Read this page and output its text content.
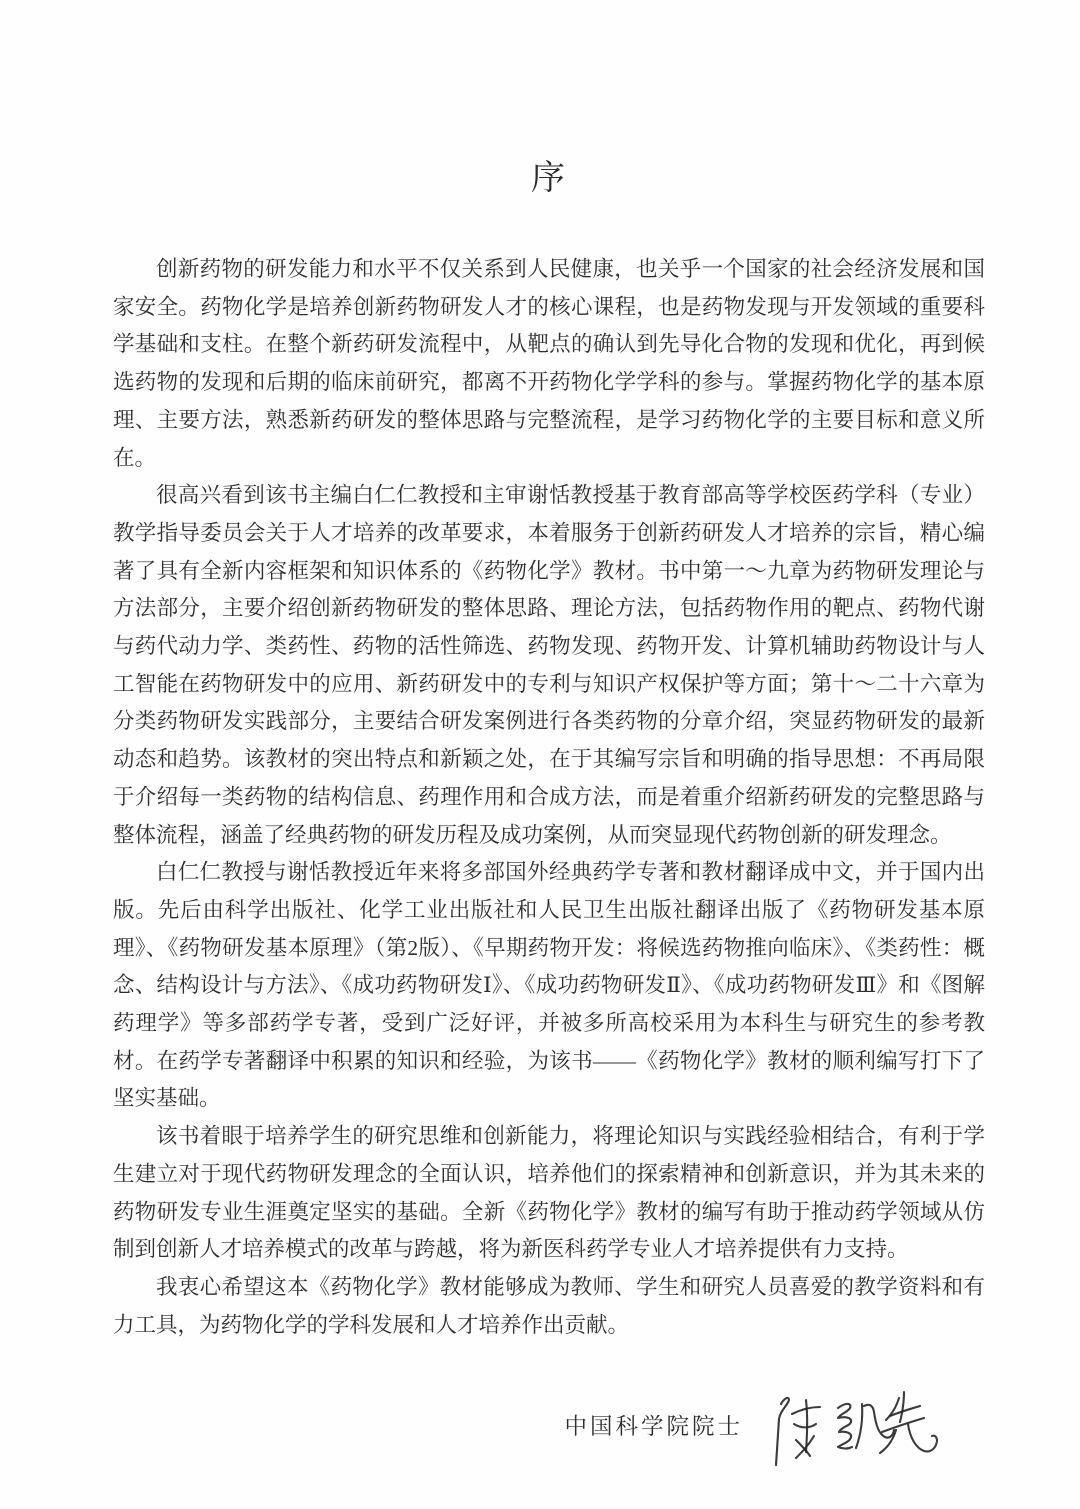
序

创新药物的研发能力和水平不仅关系到人民健康，也关乎一个国家的社会经济发展和国家安全。药物化学是培养创新药物研发人才的核心课程，也是药物发现与开发领域的重要科学基础和支柱。在整个新药研发流程中，从靶点的确认到先导化合物的发现和优化，再到候选药物的发现和后期的临床前研究，都离不开药物化学学科的参与。掌握药物化学的基本原理、主要方法，熟悉新药研发的整体思路与完整流程，是学习药物化学的主要目标和意义所在。

很高兴看到该书主编白仁仁教授和主审谢恬教授基于教育部高等学校医药学科（专业）教学指导委员会关于人才培养的改革要求，本着服务于创新药研发人才培养的宗旨，精心编著了具有全新内容框架和知识体系的《药物化学》教材。书中第一～九章为药物研发理论与方法部分，主要介绍创新药物研发的整体思路、理论方法，包括药物作用的靶点、药物代谢与药代动力学、类药性、药物的活性筛选、药物发现、药物开发、计算机辅助药物设计与人工智能在药物研发中的应用、新药研发中的专利与知识产权保护等方面；第十～二十六章为分类药物研发实践部分，主要结合研发案例进行各类药物的分章介绍，突显药物研发的最新动态和趋势。该教材的突出特点和新颖之处，在于其编写宗旨和明确的指导思想：不再局限于介绍每一类药物的结构信息、药理作用和合成方法，而是着重介绍新药研发的完整思路与整体流程，涵盖了经典药物的研发历程及成功案例，从而突显现代药物创新的研发理念。

白仁仁教授与谢恬教授近年来将多部国外经典药学专著和教材翻译成中文，并于国内出版。先后由科学出版社、化学工业出版社和人民卫生出版社翻译出版了《药物研发基本原理》、《药物研发基本原理》（第2版）、《早期药物开发：将候选药物推向临床》、《类药性：概念、结构设计与方法》、《成功药物研发Ⅰ》、《成功药物研发Ⅱ》、《成功药物研发Ⅲ》和《图解药理学》等多部药学专著，受到广泛好评，并被多所高校采用为本科生与研究生的参考教材。在药学专著翻译中积累的知识和经验，为该书——《药物化学》教材的顺利编写打下了坚实基础。

该书着眼于培养学生的研究思维和创新能力，将理论知识与实践经验相结合，有利于学生建立对于现代药物研发理念的全面认识，培养他们的探索精神和创新意识，并为其未来的药物研发专业生涯奠定坚实的基础。全新《药物化学》教材的编写有助于推动药学领域从仿制到创新人才培养模式的改革与跨越，将为新医科药学专业人才培养提供有力支持。

我衷心希望这本《药物化学》教材能够成为教师、学生和研究人员喜爱的教学资料和有力工具，为药物化学的学科发展和人才培养作出贡献。

中国科学院院士
